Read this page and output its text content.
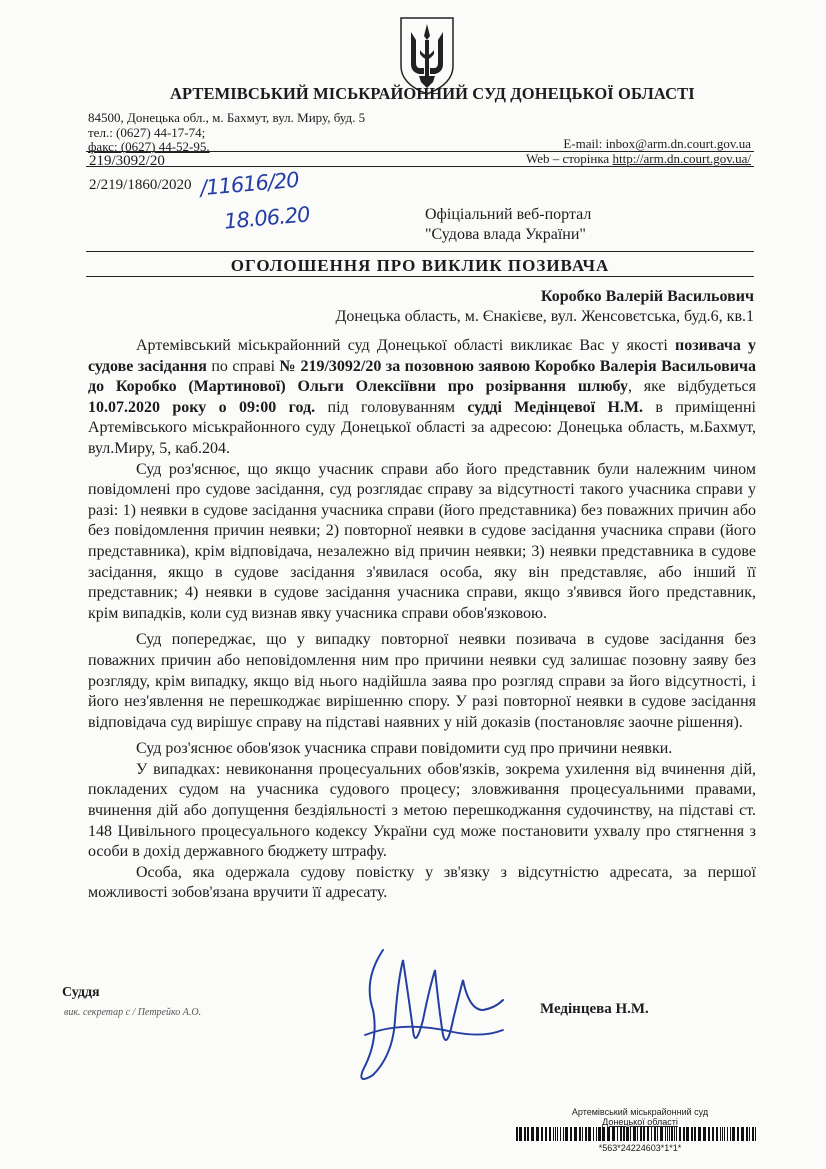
АРТЕМІВСЬКИЙ МІСЬКРАЙОННИЙ СУД ДОНЕЦЬКОЇ ОБЛАСТІ
84500, Донецька обл., м. Бахмут, вул. Миру, буд. 5
тел.: (0627) 44-17-74;
факс: (0627) 44-52-95.	E-mail: inbox@arm.dn.court.gov.ua
Web – сторінка http://arm.dn.court.gov.ua/
219/3092/20
2/219/1860/2020 /11616/20
18.06.20	Офіціальний веб-портал
"Судова влада України"
ОГОЛОШЕННЯ ПРО ВИКЛИК ПОЗИВАЧА
Коробко Валерій Васильович
Донецька область, м. Єнакієве, вул. Женсовєтська, буд.6, кв.1

Артемівський міськрайонний суд Донецької області викликає Вас у якості позивача у судове засідання по справі № 219/3092/20 за позовною заявою Коробко Валерія Васильовича до Коробко (Мартинової) Ольги Олексіївни про розірвання шлюбу, яке відбудеться 10.07.2020 року о 09:00 год. під головуванням судді Медінцевої Н.М. в приміщенні Артемівського міськрайонного суду Донецької області за адресою: Донецька область, м.Бахмут, вул.Миру, 5, каб.204.

Суд роз'яснює, що якщо учасник справи або його представник були належним чином повідомлені про судове засідання, суд розглядає справу за відсутності такого учасника справи у разі: 1) неявки в судове засідання учасника справи (його представника) без поважних причин або без повідомлення причин неявки; 2) повторної неявки в судове засідання учасника справи (його представника), крім відповідача, незалежно від причин неявки; 3) неявки представника в судове засідання, якщо в судове засідання з'явилася особа, яку він представляє, або інший її представник; 4) неявки в судове засідання учасника справи, якщо з'явився його представник, крім випадків, коли суд визнав явку учасника справи обов'язковою.

Суд попереджає, що у випадку повторної неявки позивача в судове засідання без поважних причин або неповідомлення ним про причини неявки суд залишає позовну заяву без розгляду, крім випадку, якщо від нього надійшла заява про розгляд справи за його відсутності, і його нез'явлення не перешкоджає вирішенню спору. У разі повторної неявки в судове засідання відповідача суд вирішує справу на підставі наявних у ній доказів (постановляє заочне рішення).

Суд роз'яснює обов'язок учасника справи повідомити суд про причини неявки.

У випадках: невиконання процесуальних обов'язків, зокрема ухилення від вчинення дій, покладених судом на учасника судового процесу; зловживання процесуальними правами, вчинення дій або допущення бездіяльності з метою перешкоджання судочинству, на підставі ст. 148 Цивільного процесуального кодексу України суд може постановити ухвалу про стягнення з особи в дохід державного бюджету штрафу.

Особа, яка одержала судову повістку у зв'язку з відсутністю адресата, за першої можливості зобов'язана вручити її адресату.

Суддя
вик. секретар с / Петрейко А.О.	Медінцева Н.М.
Артемівський міськрайонний суд
Донецької області
*563*24224603*1*1*
